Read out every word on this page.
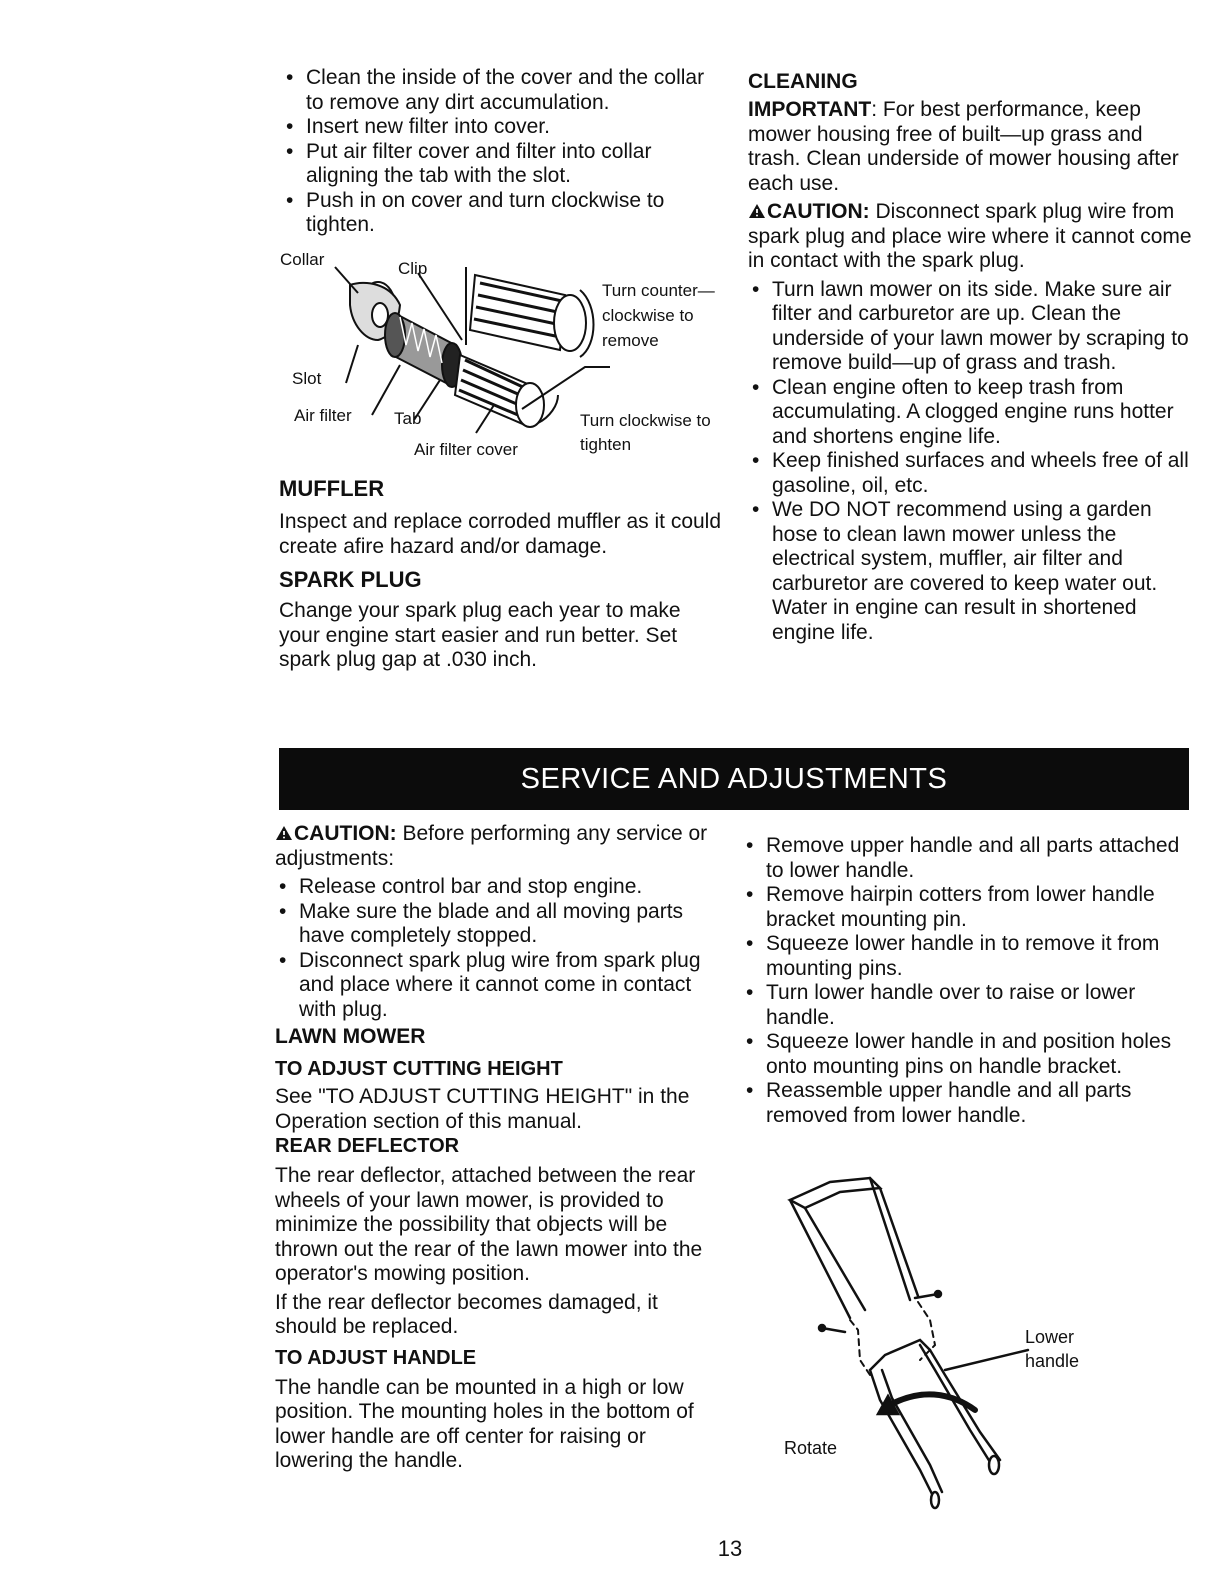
• Clean the inside of the cover and the collar to remove any dirt accumulation.
• Insert new filter into cover.
• Put air filter cover and filter into collar aligning the tab with the slot.
• Push in on cover and turn clockwise to tighten.
Collar	Clip
Slot
Air filter Tab
Air filter cover
Turn counter— clockwise to remove
Turn clockwise to tighten
MUFFLER

Inspect and replace corroded muffler as it could create afire hazard and/or damage.

SPARK PLUG

Change your spark plug each year to make your engine start easier and run better. Set spark plug gap at .030 inch.

CLEANING

IMPORTANT: For best performance, keep mower housing free of built—up grass and trash. Clean underside of mower housing after each use.

CAUTION: Disconnect spark plug wire from spark plug and place wire where it cannot come in contact with the spark plug.

• Turn lawn mower on its side. Make sure air filter and carburetor are up. Clean the underside of your lawn mower by scraping to remove build—up of grass and trash.
• Clean engine often to keep trash from accumulating. A clogged engine runs hotter and shortens engine life.
• Keep finished surfaces and wheels free of all gasoline, oil, etc.
• We DO NOT recommend using a garden hose to clean lawn mower unless the electrical system, muffler, air filter and carburetor are covered to keep water out. Water in engine can result in shortened engine life.
SERVICE AND ADJUSTMENTS

CAUTION: Before performing any service or adjustments:

• Release control bar and stop engine.
• Make sure the blade and all moving parts have completely stopped.
• Disconnect spark plug wire from spark plug and place where it cannot come in contact with plug.
LAWN MOWER
TO ADJUST CUTTING HEIGHT

See "TO ADJUST CUTTING HEIGHT" in the Operation section of this manual.

REAR DEFLECTOR

The rear deflector, attached between the rear wheels of your lawn mower, is provided to minimize the possibility that objects will be thrown out the rear of the lawn mower into the operator's mowing position.

If the rear deflector becomes damaged, it should be replaced.

TO ADJUST HANDLE

The handle can be mounted in a high or low position. The mounting holes in the bottom of lower handle are off center for raising or lowering the handle.

• Remove upper handle and all parts attached to lower handle.
• Remove hairpin cotters from lower handle bracket mounting pin.
• Squeeze lower handle in to remove it from mounting pins.
• Turn lower handle over to raise or lower handle.
• Squeeze lower handle in and position holes onto mounting pins on handle bracket.
• Reassemble upper handle and all parts removed from lower handle.
Lower handle
Rotate
13
